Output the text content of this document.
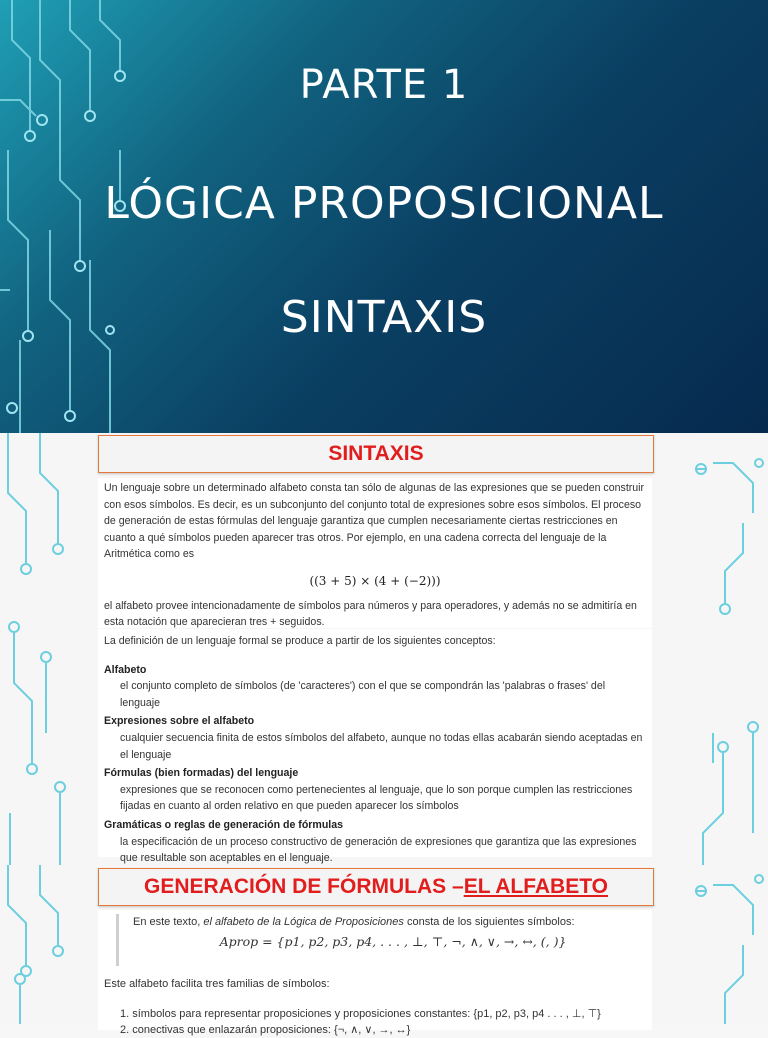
PARTE 1
LÓGICA PROPOSICIONAL
SINTAXIS
SINTAXIS

Un lenguaje sobre un determinado alfabeto consta tan sólo de algunas de las expresiones que se pueden construir con esos símbolos. Es decir, es un subconjunto del conjunto total de expresiones sobre esos símbolos. El proceso de generación de estas fórmulas del lenguaje garantiza que cumplen necesariamente ciertas restricciones en cuanto a qué símbolos pueden aparecer tras otros. Por ejemplo, en una cadena correcta del lenguaje de la Aritmética como es

((3 + 5) × (4 + (−2)))

el alfabeto provee intencionadamente de símbolos para números y para operadores, y además no se admitiría en esta notación que aparecieran tres + seguidos.

La definición de un lenguaje formal se produce a partir de los siguientes conceptos:

Alfabeto
el conjunto completo de símbolos (de 'caracteres') con el que se compondrán las 'palabras o frases' del lenguaje
Expresiones sobre el alfabeto
cualquier secuencia finita de estos símbolos del alfabeto, aunque no todas ellas acabarán siendo aceptadas en el lenguaje
Fórmulas (bien formadas) del lenguaje
expresiones que se reconocen como pertenecientes al lenguaje, que lo son porque cumplen las restricciones fijadas en cuanto al orden relativo en que pueden aparecer los símbolos
Gramáticas o reglas de generación de fórmulas
la especificación de un proceso constructivo de generación de expresiones que garantiza que las expresiones que resultable son aceptables en el lenguaje.
GENERACIÓN DE FÓRMULAS – EL ALFABETO

En este texto, el alfabeto de la Lógica de Proposiciones consta de los siguientes símbolos:

Aprop = {p1, p2, p3, p4, . . . , ⊥, ⊤, ¬, ∧, ∨, →, ↔, (, )}
Este alfabeto facilita tres familias de símbolos:
1. símbolos para representar proposiciones y proposiciones constantes: {p1, p2, p3, p4 . . . , ⊥, ⊤}
2. conectivas que enlazarán proposiciones: {¬, ∧, ∨, →, ↔}
